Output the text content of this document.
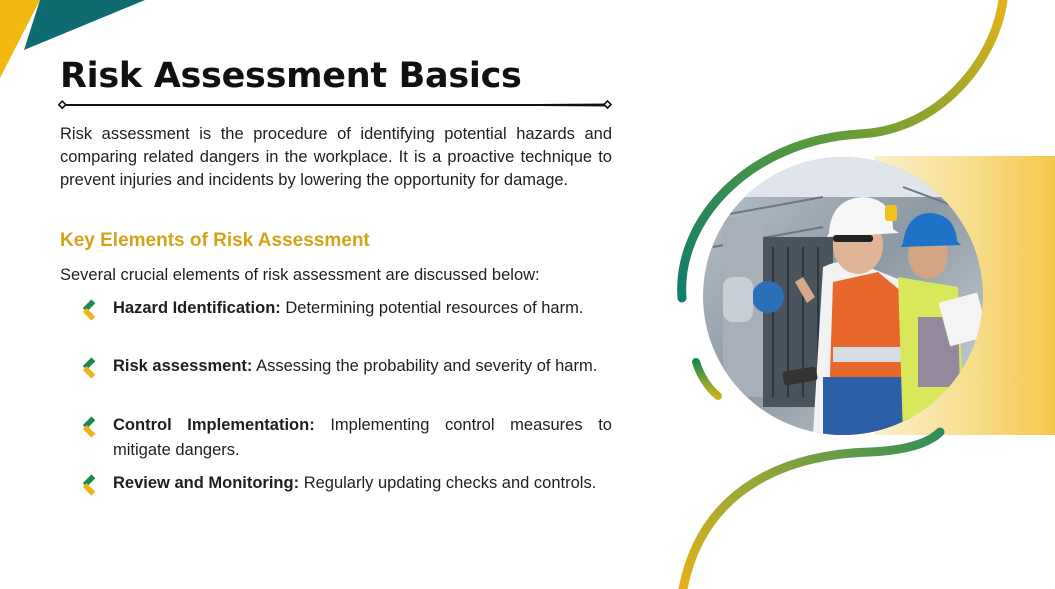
Risk Assessment Basics

Risk assessment is the procedure of identifying potential hazards and comparing related dangers in the workplace. It is a proactive technique to prevent injuries and incidents by lowering the opportunity for damage.

Key Elements of Risk Assessment

Several crucial elements of risk assessment are discussed below:

Hazard Identification: Determining potential resources of harm.

Risk assessment: Assessing the probability and severity of harm.

Control Implementation: Implementing control measures to mitigate dangers.

Review and Monitoring: Regularly updating checks and controls.
